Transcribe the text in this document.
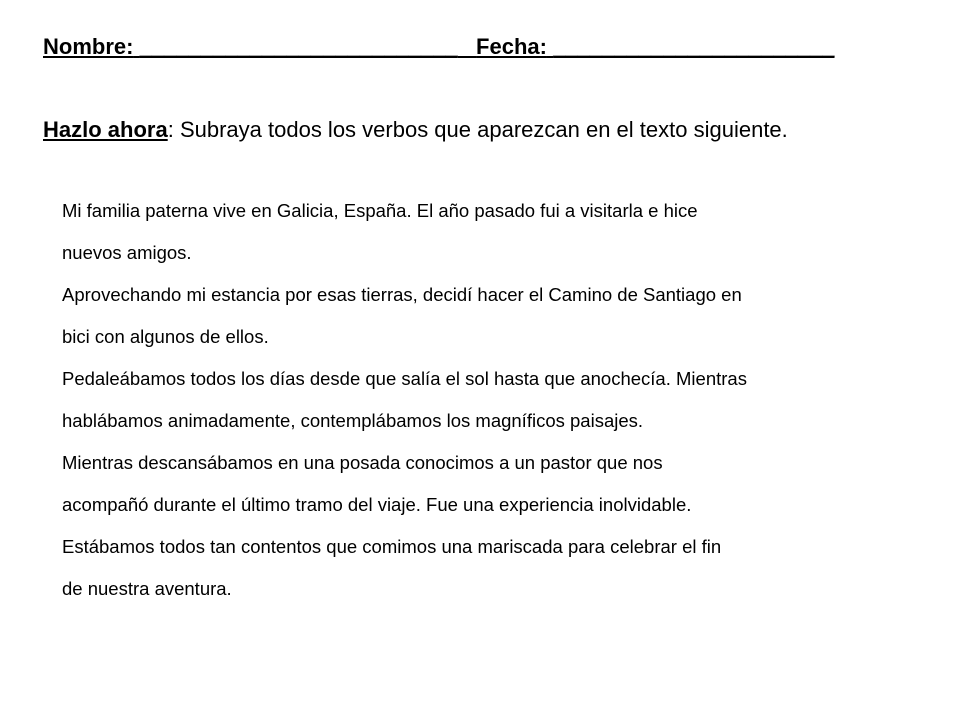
Nombre: __________________________ Fecha: _______________________
Hazlo ahora: Subraya todos los verbos que aparezcan en el texto siguiente.
Mi familia paterna vive en Galicia, España. El año pasado fui a visitarla e hice
nuevos amigos.
Aprovechando mi estancia por esas tierras, decidí hacer el Camino de Santiago en
bici con algunos de ellos.
Pedaleábamos todos los días desde que salía el sol hasta que anochecía. Mientras
hablábamos animadamente, contemplábamos los magníficos paisajes.
Mientras descansábamos en una posada conocimos a un pastor que nos
acompañó durante el último tramo del viaje. Fue una experiencia inolvidable.
Estábamos todos tan contentos que comimos una mariscada para celebrar el fin
de nuestra aventura.
